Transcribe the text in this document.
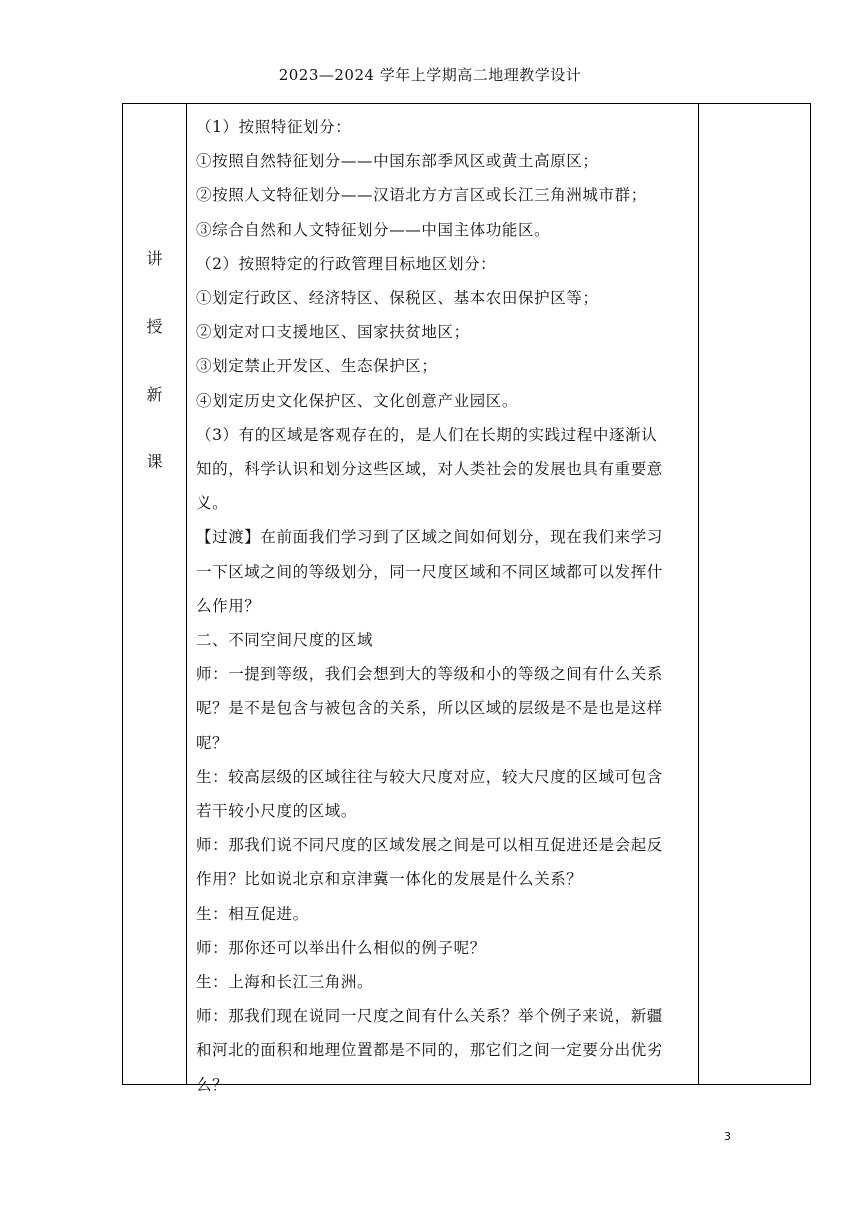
2023—2024 学年上学期高二地理教学设计
讲
授
新
课

（1）按照特征划分：

①按照自然特征划分——中国东部季风区或黄土高原区；

②按照人文特征划分——汉语北方方言区或长江三角洲城市群；

③综合自然和人文特征划分——中国主体功能区。

（2）按照特定的行政管理目标地区划分：

①划定行政区、经济特区、保税区、基本农田保护区等；

②划定对口支援地区、国家扶贫地区；

③划定禁止开发区、生态保护区；

④划定历史文化保护区、文化创意产业园区。

（3）有的区域是客观存在的，是人们在长期的实践过程中逐渐认

知的，科学认识和划分这些区域，对人类社会的发展也具有重要意

义。

【过渡】在前面我们学习到了区域之间如何划分，现在我们来学习

一下区域之间的等级划分，同一尺度区域和不同区域都可以发挥什

么作用？

二、不同空间尺度的区域

师：一提到等级，我们会想到大的等级和小的等级之间有什么关系

呢？是不是包含与被包含的关系，所以区域的层级是不是也是这样

呢？

生：较高层级的区域往往与较大尺度对应，较大尺度的区域可包含

若干较小尺度的区域。

师：那我们说不同尺度的区域发展之间是可以相互促进还是会起反

作用？比如说北京和京津冀一体化的发展是什么关系？

生：相互促进。

师：那你还可以举出什么相似的例子呢？

生：上海和长江三角洲。

师：那我们现在说同一尺度之间有什么关系？举个例子来说，新疆

和河北的面积和地理位置都是不同的，那它们之间一定要分出优劣

么？

3
